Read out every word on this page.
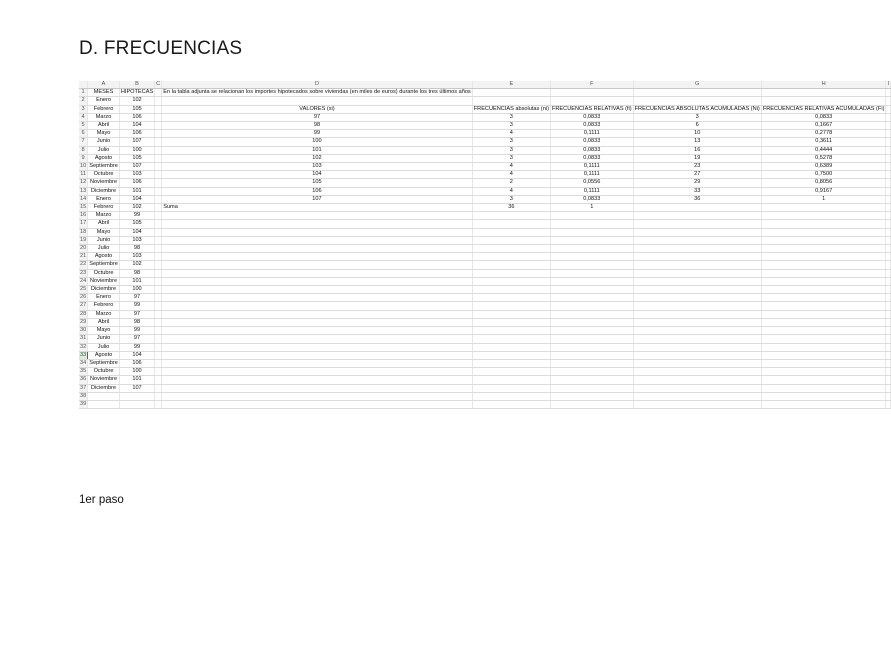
D. FRECUENCIAS
	A	B	C	D	E	F	G	H	I
1	MESES	HIPOTECAS		En la tabla adjunta se relacionan los importes hipotecados sobre viviendas (en miles de euros) durante los tres últimos años					
2	Enero	102							
3	Febrero	105		VALORES (xi)	FRECUENCIAS absolutas (ni)	FRECUENCIAS RELATIVAS (fi)	FRECUENCIAS ABSOLUTAS ACUMULADAS (Ni)	FRECUENCIAS RELATIVAS ACUMULADAS (Fi)	
4	Marzo	106		97	3	0,0833	3	0,0833	
5	Abril	104		98	3	0,0833	6	0,1667	
6	Mayo	106		99	4	0,1111	10	0,2778	
7	Junio	107		100	3	0,0833	13	0,3611	
8	Julio	100		101	3	0,0833	16	0,4444	
9	Agosto	105		102	3	0,0833	19	0,5278	
10	Septiembre	107		103	4	0,1111	23	0,6389	
11	Octubre	103		104	4	0,1111	27	0,7500	
12	Noviembre	106		105	2	0,0556	29	0,8056	
13	Diciembre	101		106	4	0,1111	33	0,9167	
14	Enero	104		107	3	0,0833	36	1	
15	Febrero	102		Suma	36	1			
16	Marzo	99							
17	Abril	105							
18	Mayo	104							
19	Junio	103							
20	Julio	98							
21	Agosto	103							
22	Septiembre	102							
23	Octubre	98							
24	Noviembre	101							
25	Diciembre	100							
26	Enero	97							
27	Febrero	99							
28	Marzo	97							
29	Abril	98							
30	Mayo	99							
31	Junio	97							
32	Julio	99							
33	Agosto	104							
34	Septiembre	106							
35	Octubre	100							
36	Noviembre	101							
37	Diciembre	107							
38									
39									
1er paso
